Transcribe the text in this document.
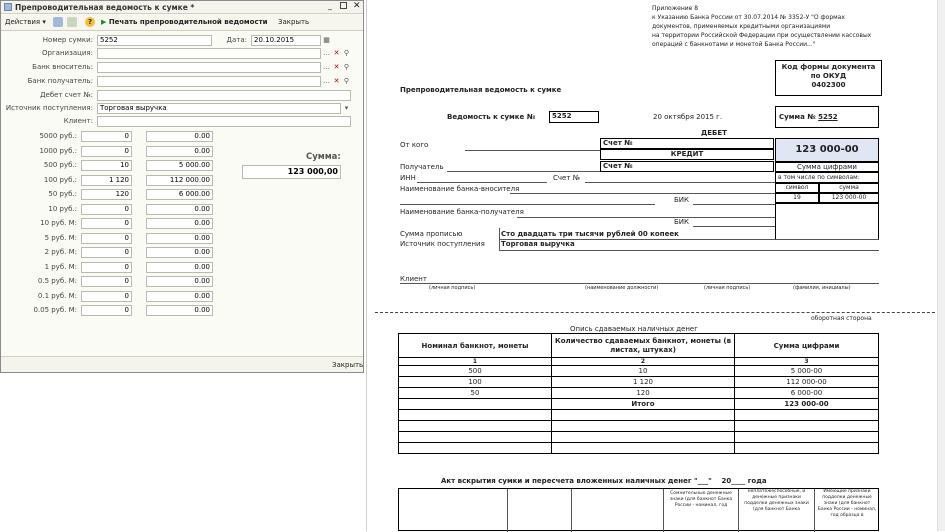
Препроводительная ведомость к сумке *	_ ✕
Действия ▾	?	▶ Печать препроводительной ведомости Закрыть
Номер сумки:	5252	Дата:	20.10.2015	▦
Организация:	… ✕ ⚲
Банк вноситель:	… ✕ ⚲
Банк получатель:	… ✕ ⚲
Дебет счет №:
Источник поступления:	Торговая выручка	▾
Клиент:
5000 руб.:	0	0.00
1000 руб.:	0	0.00
500 руб.:	10	5 000.00
100 руб.:	1 120	112 000.00
50 руб.:	120	6 000.00
10 руб.:	0	0.00
10 руб. М:	0	0.00
5 руб. М:	0	0.00
2 руб. М:	0	0.00
1 руб. М:	0	0.00
0.5 руб. М:	0	0.00
0.1 руб. М:	0	0.00
0.05 руб. М:	0	0.00
Сумма:
123 000,00
Закрыть
Приложение 8
к Указанию Банка России от 30.07.2014 № 3352-У "О формах
документов, применяемых кредитными организациями
на территории Российской Федерации при осуществлении кассовых
операций с банкнотами и монетой Банка России..."
Код формы документа по ОКУД
0402300
Препроводительная ведомость к сумке
Ведомость к сумке №	5252	20 октября 2015 г.	Сумма № 5252
ДЕБЕТ
От кого	Счет №
КРЕДИТ	123 000-00
Получатель	Счет №	Сумма цифрами
ИНН	Счет №	в том числе по символам:
символ	сумма
19	123 000-00
Наименование банка-вносителя
БИК
Наименование банка-получателя
БИК
Сумма прописью	Сто двадцать три тысячи рублей 00 копеек
Источник поступления Торговая выручка
Клиент
(личная подпись)	(наименование должности)	(личная подпись)	(фамилия, инициалы)
оборотная сторона
Опись сдаваемых наличных денег
Номинал банкнот, монеты	Количество сдаваемых банкнот, монеты (в листах, штуках)	Сумма цифрами
1	2	3
500	10	5 000-00
100	1 120	112 000-00
50	120	6 000-00
	Итого	123 000-00

Акт вскрытия сумки и пересчета вложенных наличных денег "___" 20____ года
Сомнительные денежные знаки (для банкнот Банка России - номинал, год
неплатежеспособные, и денежные признаки подделки денежных знаки (для банкнот Банка
Имеющие признаки подделки денежные знаки (для банкнот Банка России - номинал, год образца в
